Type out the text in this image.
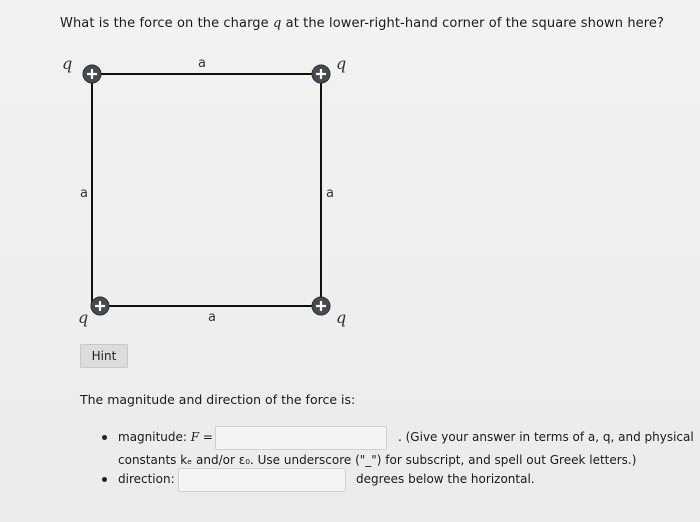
What is the force on the charge q at the lower-right-hand corner of the square shown here?
a
a	a
a
q	q
q	q
Hint
The magnitude and direction of the force is:
magnitude: F =	. (Give your answer in terms of a, q, and physical
constants kₑ and/or ε₀. Use underscore ("_") for subscript, and spell out Greek letters.)
direction:	degrees below the horizontal.
